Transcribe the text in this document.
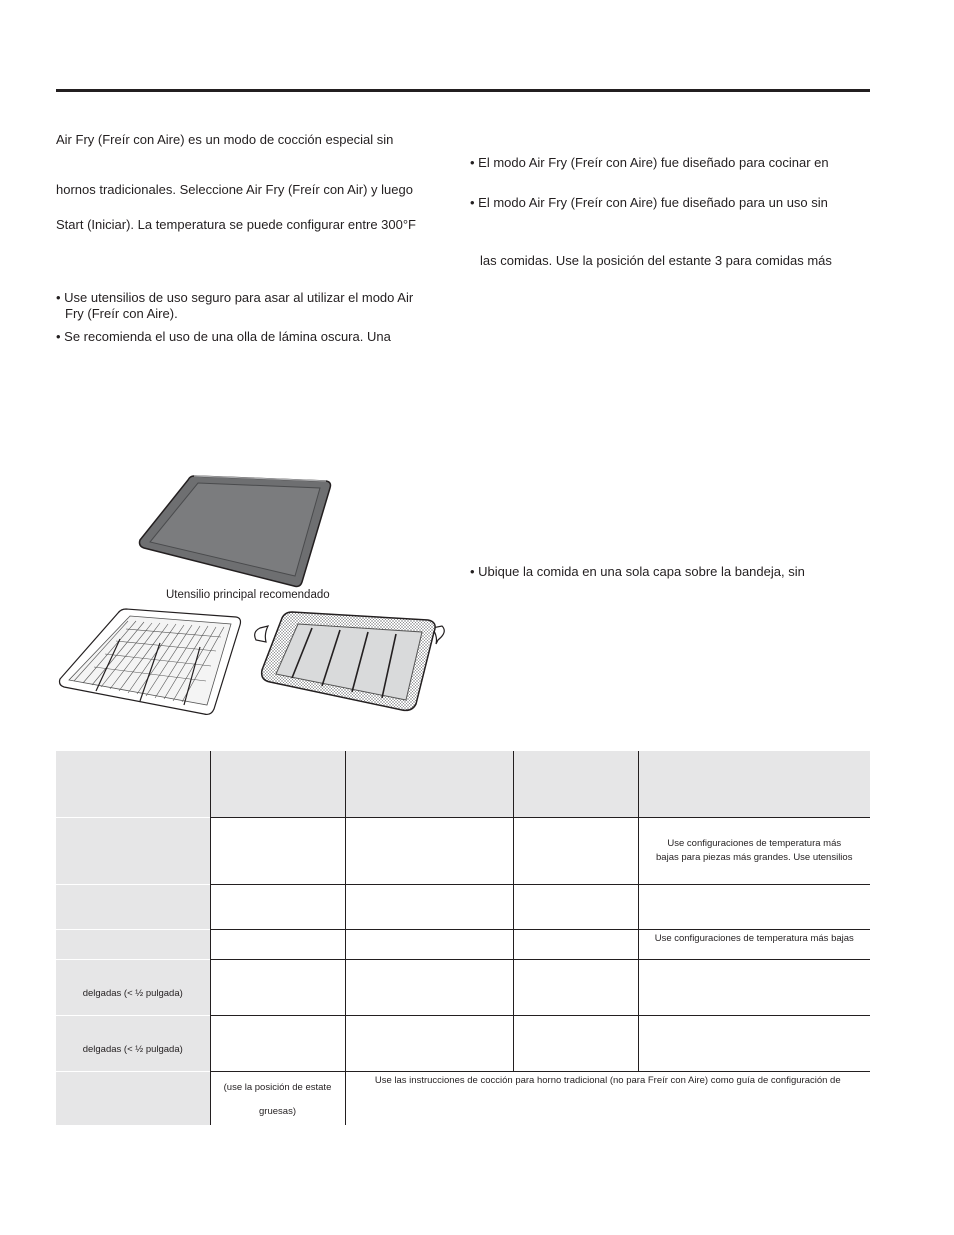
Air Fry (Freír con Aire) es un modo de cocción especial sin
hornos tradicionales. Seleccione Air Fry (Freír con Air) y luego
Start (Iniciar). La temperatura se puede configurar entre 300°F
• Use utensilios de uso seguro para asar al utilizar el modo Air
Fry (Freír con Aire).
• Se recomienda el uso de una olla de lámina oscura. Una
• El modo Air Fry (Freír con Aire) fue diseñado para cocinar en
• El modo Air Fry (Freír con Aire) fue diseñado para un uso sin
las comidas. Use la posición del estante 3 para comidas más
• Ubique la comida en una sola capa sobre la bandeja, sin
Utensilio principal recomendado

				Use configuraciones de temperatura más
bajas para piezas más grandes. Use utensilios

				Use configuraciones de temperatura más bajas
delgadas (< ½ pulgada)				
delgadas (< ½ pulgada)				
	(use la posición de estate

gruesas)	Use las instrucciones de cocción para horno tradicional (no para Freír con Aire) como guía de configuración de		
